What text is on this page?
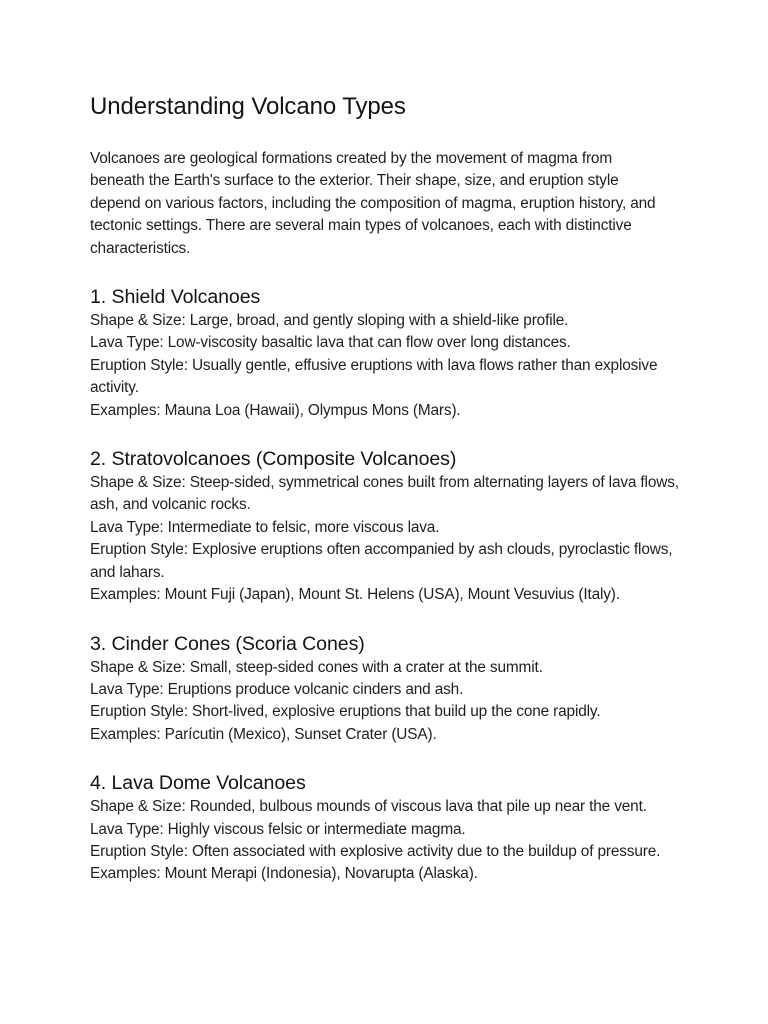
Understanding Volcano Types

Volcanoes are geological formations created by the movement of magma from beneath the Earth's surface to the exterior. Their shape, size, and eruption style depend on various factors, including the composition of magma, eruption history, and tectonic settings. There are several main types of volcanoes, each with distinctive characteristics.

1. Shield Volcanoes

Shape & Size: Large, broad, and gently sloping with a shield-like profile.

Lava Type: Low-viscosity basaltic lava that can flow over long distances.

Eruption Style: Usually gentle, effusive eruptions with lava flows rather than explosive activity.

Examples: Mauna Loa (Hawaii), Olympus Mons (Mars).

2. Stratovolcanoes (Composite Volcanoes)

Shape & Size: Steep-sided, symmetrical cones built from alternating layers of lava flows, ash, and volcanic rocks.

Lava Type: Intermediate to felsic, more viscous lava.

Eruption Style: Explosive eruptions often accompanied by ash clouds, pyroclastic flows, and lahars.

Examples: Mount Fuji (Japan), Mount St. Helens (USA), Mount Vesuvius (Italy).

3. Cinder Cones (Scoria Cones)

Shape & Size: Small, steep-sided cones with a crater at the summit.

Lava Type: Eruptions produce volcanic cinders and ash.

Eruption Style: Short-lived, explosive eruptions that build up the cone rapidly.

Examples: Parícutin (Mexico), Sunset Crater (USA).

4. Lava Dome Volcanoes

Shape & Size: Rounded, bulbous mounds of viscous lava that pile up near the vent.

Lava Type: Highly viscous felsic or intermediate magma.

Eruption Style: Often associated with explosive activity due to the buildup of pressure.

Examples: Mount Merapi (Indonesia), Novarupta (Alaska).
